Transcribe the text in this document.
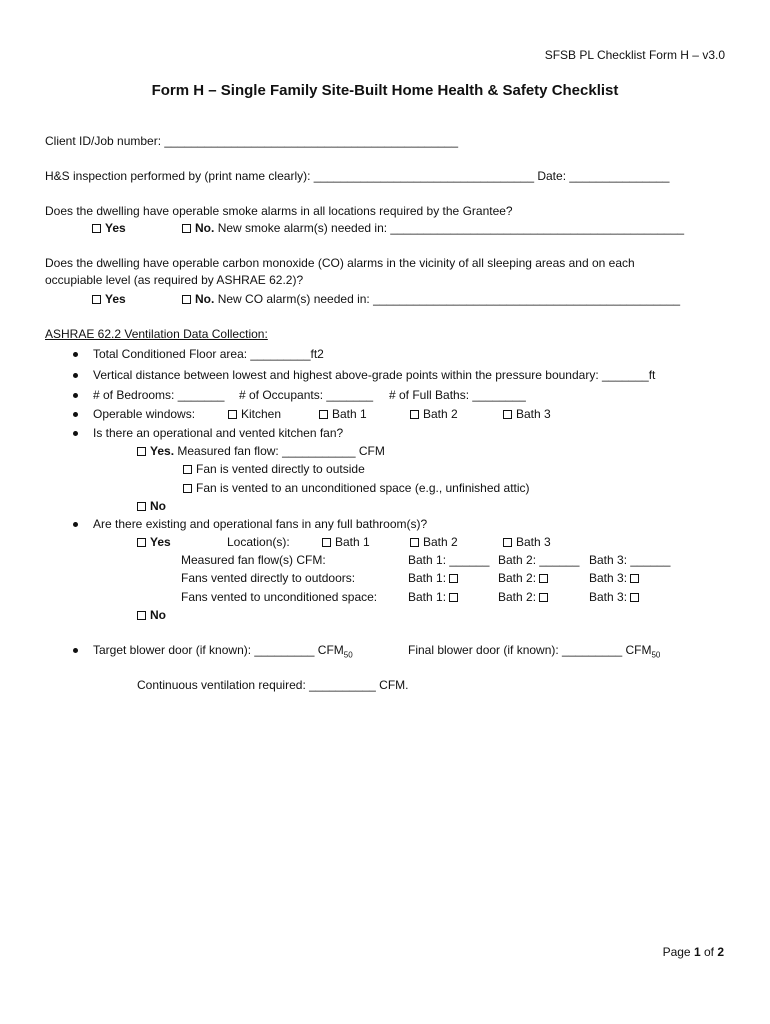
SFSB PL Checklist Form H – v3.0
Form H – Single Family Site-Built Home Health & Safety Checklist
Client ID/Job number: ____________________________________________
H&S inspection performed by (print name clearly): _________________________________ Date: _______________
Does the dwelling have operable smoke alarms in all locations required by the Grantee?
Yes	No. New smoke alarm(s) needed in: ____________________________________________
Does the dwelling have operable carbon monoxide (CO) alarms in the vicinity of all sleeping areas and on each
occupiable level (as required by ASHRAE 62.2)?
Yes	No. New CO alarm(s) needed in: ______________________________________________
ASHRAE 62.2 Ventilation Data Collection:
Total Conditioned Floor area: _________ft2
Vertical distance between lowest and highest above-grade points within the pressure boundary: _______ft
# of Bedrooms: _______ # of Occupants: _______ # of Full Baths: ________
Operable windows:	Kitchen	Bath 1	Bath 2	Bath 3
Is there an operational and vented kitchen fan?
Yes. Measured fan flow: ___________ CFM
Fan is vented directly to outside
Fan is vented to an unconditioned space (e.g., unfinished attic)
No
Are there existing and operational fans in any full bathroom(s)?
Yes	Location(s):	Bath 1	Bath 2	Bath 3
Measured fan flow(s) CFM:	Bath 1: ______ Bath 2: ______ Bath 3: ______
Fans vented directly to outdoors:	Bath 1:	Bath 2:	Bath 3:
Fans vented to unconditioned space:	Bath 1:	Bath 2:	Bath 3:
No
Target blower door (if known): _________ $CFM_{50}$	Final blower door (if known): _________ $CFM_{50}$
Continuous ventilation required: __________ CFM.
Page 1 of 2
